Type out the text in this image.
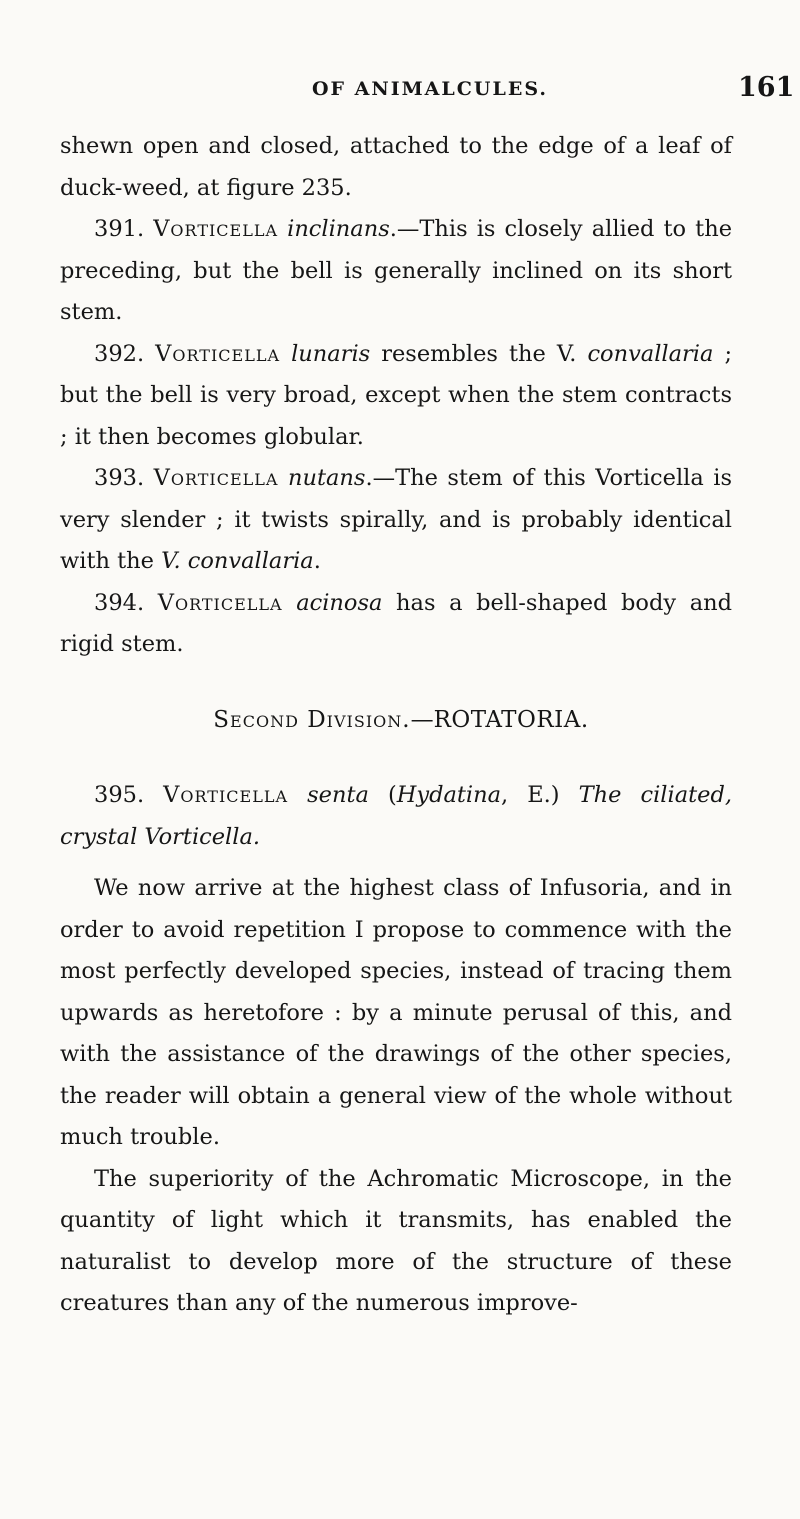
OF ANIMALCULES.	161

shewn open and closed, attached to the edge of a leaf of duck-weed, at figure 235.

391. Vorticella inclinans.—This is closely allied to the preceding, but the bell is generally inclined on its short stem.

392. Vorticella lunaris resembles the V. convallaria ; but the bell is very broad, except when the stem contracts ; it then becomes globular.

393. Vorticella nutans.—The stem of this Vorticella is very slender ; it twists spirally, and is probably identical with the V. convallaria.

394. Vorticella acinosa has a bell-shaped body and rigid stem.

Second Division.—ROTATORIA.

395. Vorticella senta (Hydatina, E.) The ciliated, crystal Vorticella.

We now arrive at the highest class of Infusoria, and in order to avoid repetition I propose to commence with the most perfectly developed species, instead of tracing them upwards as heretofore : by a minute perusal of this, and with the assistance of the drawings of the other species, the reader will obtain a general view of the whole without much trouble.

The superiority of the Achromatic Microscope, in the quantity of light which it transmits, has enabled the naturalist to develop more of the structure of these creatures than any of the numerous improve-
